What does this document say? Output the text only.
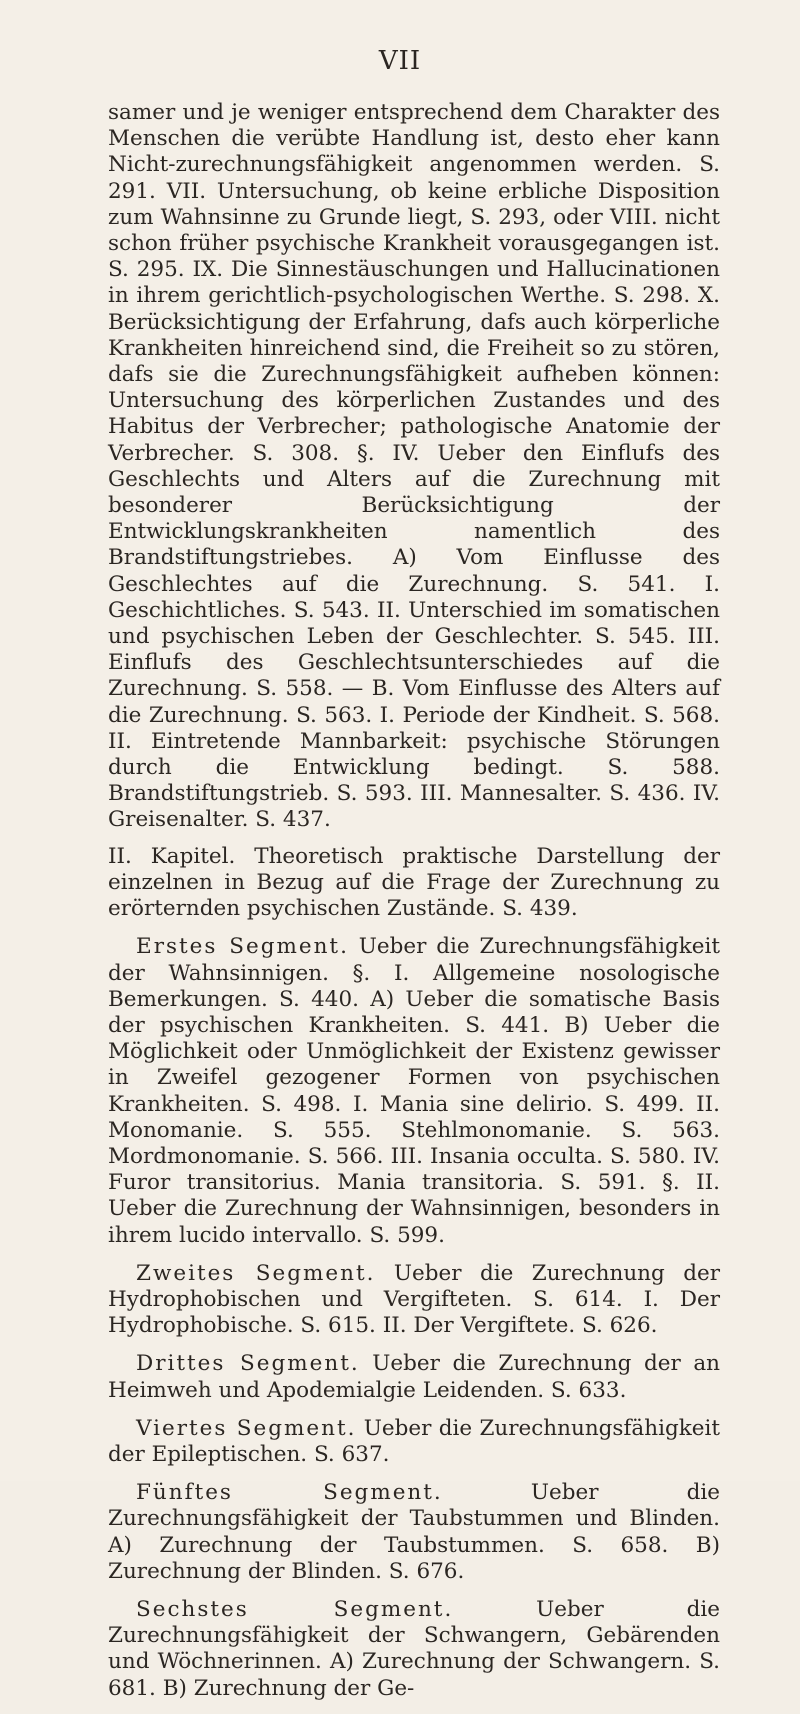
VII

samer und je weniger entsprechend dem Charakter des Menschen die verübte Handlung ist, desto eher kann Nicht-zurechnungsfähigkeit angenommen werden. S. 291. VII. Untersuchung, ob keine erbliche Disposition zum Wahnsinne zu Grunde liegt, S. 293, oder VIII. nicht schon früher psychische Krankheit vorausgegangen ist. S. 295. IX. Die Sinnestäuschungen und Hallucinationen in ihrem gerichtlich-psychologischen Werthe. S. 298. X. Berücksichtigung der Erfahrung, dafs auch körperliche Krankheiten hinreichend sind, die Freiheit so zu stören, dafs sie die Zurechnungsfähigkeit aufheben können: Untersuchung des körperlichen Zustandes und des Habitus der Verbrecher; pathologische Anatomie der Verbrecher. S. 308. §. IV. Ueber den Einflufs des Geschlechts und Alters auf die Zurechnung mit besonderer Berücksichtigung der Entwicklungskrankheiten namentlich des Brandstiftungstriebes. A) Vom Einflusse des Geschlechtes auf die Zurechnung. S. 541. I. Geschichtliches. S. 543. II. Unterschied im somatischen und psychischen Leben der Geschlechter. S. 545. III. Einflufs des Geschlechtsunterschiedes auf die Zurechnung. S. 558. — B. Vom Einflusse des Alters auf die Zurechnung. S. 563. I. Periode der Kindheit. S. 568. II. Eintretende Mannbarkeit: psychische Störungen durch die Entwicklung bedingt. S. 588. Brandstiftungstrieb. S. 593. III. Mannesalter. S. 436. IV. Greisenalter. S. 437.

II. Kapitel. Theoretisch praktische Darstellung der einzelnen in Bezug auf die Frage der Zurechnung zu erörternden psychischen Zustände. S. 439.

Erstes Segment. Ueber die Zurechnungsfähigkeit der Wahnsinnigen. §. I. Allgemeine nosologische Bemerkungen. S. 440. A) Ueber die somatische Basis der psychischen Krankheiten. S. 441. B) Ueber die Möglichkeit oder Unmöglichkeit der Existenz gewisser in Zweifel gezogener Formen von psychischen Krankheiten. S. 498. I. Mania sine delirio. S. 499. II. Monomanie. S. 555. Stehlmonomanie. S. 563. Mordmonomanie. S. 566. III. Insania occulta. S. 580. IV. Furor transitorius. Mania transitoria. S. 591. §. II. Ueber die Zurechnung der Wahnsinnigen, besonders in ihrem lucido intervallo. S. 599.

Zweites Segment. Ueber die Zurechnung der Hydrophobischen und Vergifteten. S. 614. I. Der Hydrophobische. S. 615. II. Der Vergiftete. S. 626.

Drittes Segment. Ueber die Zurechnung der an Heimweh und Apodemialgie Leidenden. S. 633.

Viertes Segment. Ueber die Zurechnungsfähigkeit der Epileptischen. S. 637.

Fünftes Segment.	Ueber die Zurechnungsfähigkeit der Taubstummen und Blinden. A) Zurechnung der Taubstummen. S. 658. B) Zurechnung der Blinden. S. 676.

Sechstes Segment.	Ueber die Zurechnungsfähigkeit der Schwangern, Gebärenden und Wöchnerinnen. A) Zurechnung der Schwangern. S. 681. B) Zurechnung der Ge-
